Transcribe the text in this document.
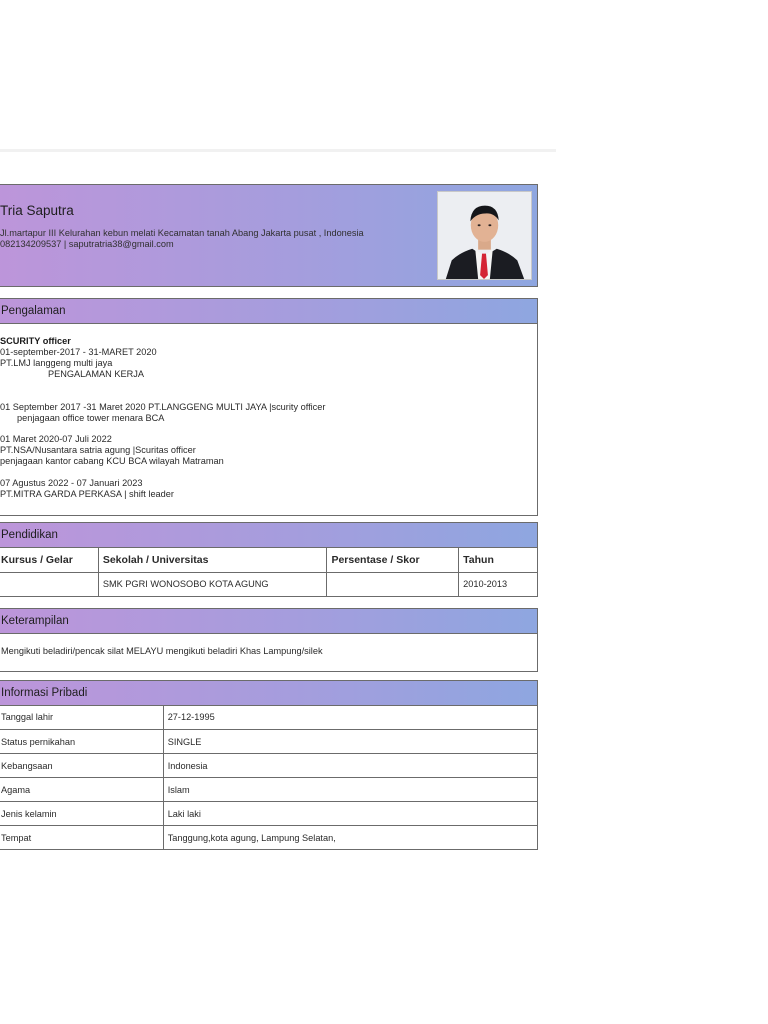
Tria Saputra
Jl.martapur III Kelurahan kebun melati Kecamatan tanah Abang Jakarta pusat , Indonesia
082134209537 | saputratria38@gmail.com
Pengalaman
SCURITY officer
01-september-2017 - 31-MARET 2020
PT.LMJ langgeng multi jaya
PENGALAMAN KERJA
01 September 2017 -31 Maret 2020 PT.LANGGENG MULTI JAYA |scurity officer
penjagaan office tower menara BCA
01 Maret 2020-07 Juli 2022
PT.NSA/Nusantara satria agung |Scuritas officer
penjagaan kantor cabang KCU BCA wilayah Matraman
07 Agustus 2022 - 07 Januari 2023
PT.MITRA GARDA PERKASA | shift leader
Pendidikan
Kursus / Gelar	Sekolah / Universitas	Persentase / Skor	Tahun
	SMK PGRI WONOSOBO KOTA AGUNG		2010-2013
Keterampilan
Mengikuti beladiri/pencak silat MELAYU mengikuti beladiri Khas Lampung/silek
Informasi Pribadi
Tanggal lahir	27-12-1995
Status pernikahan	SINGLE
Kebangsaan	Indonesia
Agama	Islam
Jenis kelamin	Laki laki
Tempat	Tanggung,kota agung, Lampung Selatan,
